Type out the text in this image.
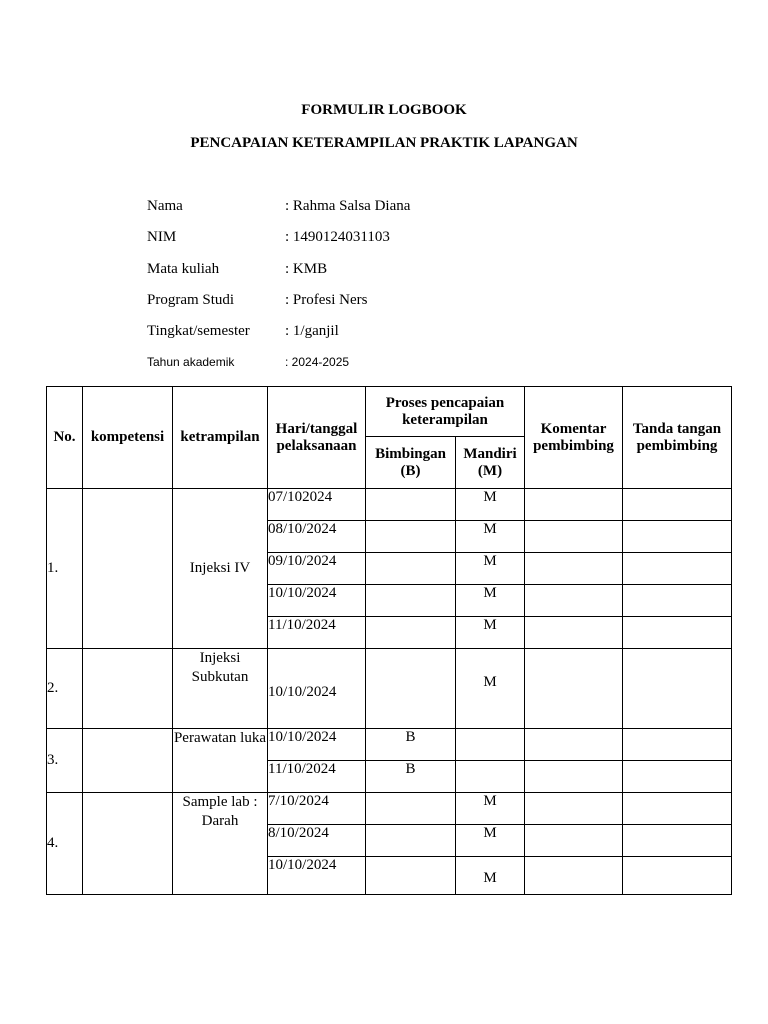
FORMULIR LOGBOOK
PENCAPAIAN KETERAMPILAN PRAKTIK LAPANGAN
Nama	: Rahma Salsa Diana
NIM	: 1490124031103
Mata kuliah	: KMB
Program Studi	: Profesi Ners
Tingkat/semester : 1/ganjil
Tahun akademik	: 2024-2025
No.	kompetensi	ketrampilan	Hari/tanggal pelaksanaan	Proses pencapaian keterampilan		Komentar pembimbing	Tanda tangan pembimbing
				Bimbingan (B)	Mandiri (M)		
1.		Injeksi IV	07/102024		M		
			08/10/2024		M		
			09/10/2024		M		
			10/10/2024		M		
			11/10/2024		M		
2.		Injeksi Subkutan	10/10/2024		M		
3.		Perawatan luka	10/10/2024	B			
			11/10/2024	B			
4.		Sample lab : Darah	7/10/2024		M		
			8/10/2024		M		
			10/10/2024		M		
